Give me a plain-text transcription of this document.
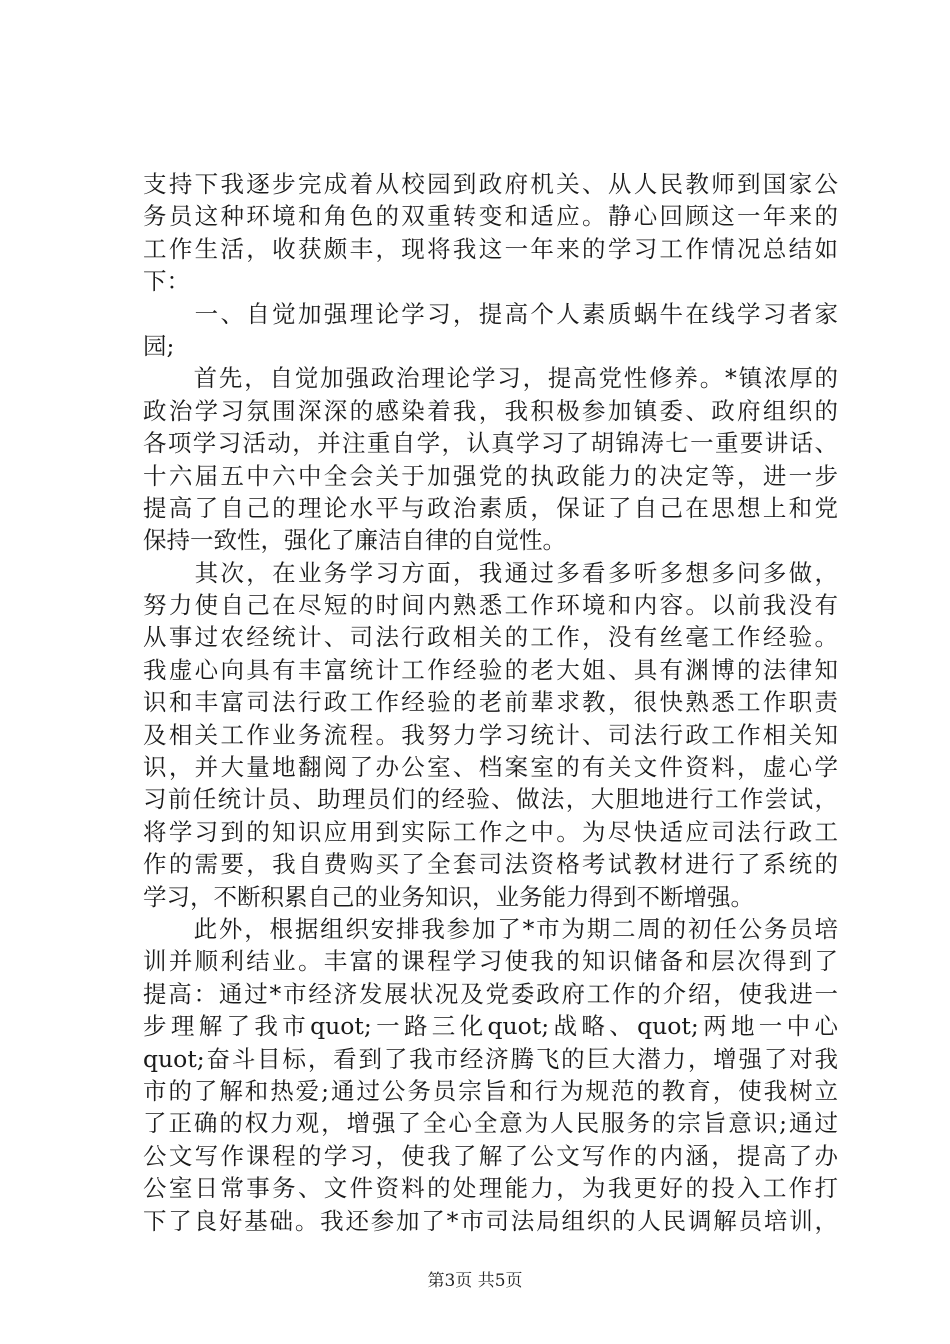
支持下我逐步完成着从校园到政府机关、从人民教师到国家公
务员这种环境和角色的双重转变和适应。静心回顾这一年来的
工作生活，收获颇丰，现将我这一年来的学习工作情况总结如
下：
　　一、自觉加强理论学习，提高个人素质蜗牛在线学习者家
园;
　　首先，自觉加强政治理论学习，提高党性修养。*镇浓厚的
政治学习氛围深深的感染着我，我积极参加镇委、政府组织的
各项学习活动，并注重自学，认真学习了胡锦涛七一重要讲话、
十六届五中六中全会关于加强党的执政能力的决定等，进一步
提高了自己的理论水平与政治素质，保证了自己在思想上和党
保持一致性，强化了廉洁自律的自觉性。
　　其次，在业务学习方面，我通过多看多听多想多问多做，
努力使自己在尽短的时间内熟悉工作环境和内容。以前我没有
从事过农经统计、司法行政相关的工作，没有丝毫工作经验。
我虚心向具有丰富统计工作经验的老大姐、具有渊博的法律知
识和丰富司法行政工作经验的老前辈求教，很快熟悉工作职责
及相关工作业务流程。我努力学习统计、司法行政工作相关知
识，并大量地翻阅了办公室、档案室的有关文件资料，虚心学
习前任统计员、助理员们的经验、做法，大胆地进行工作尝试，
将学习到的知识应用到实际工作之中。为尽快适应司法行政工
作的需要，我自费购买了全套司法资格考试教材进行了系统的
学习，不断积累自己的业务知识，业务能力得到不断增强。
　　此外，根据组织安排我参加了*市为期二周的初任公务员培
训并顺利结业。丰富的课程学习使我的知识储备和层次得到了
提高：通过*市经济发展状况及党委政府工作的介绍，使我进一
步理解了我市quot;一路三化quot;战略、quot;两地一中心
quot;奋斗目标，看到了我市经济腾飞的巨大潜力，增强了对我
市的了解和热爱;通过公务员宗旨和行为规范的教育，使我树立
了正确的权力观，增强了全心全意为人民服务的宗旨意识;通过
公文写作课程的学习，使我了解了公文写作的内涵，提高了办
公室日常事务、文件资料的处理能力，为我更好的投入工作打
下了良好基础。我还参加了*市司法局组织的人民调解员培训，
第3页 共5页
